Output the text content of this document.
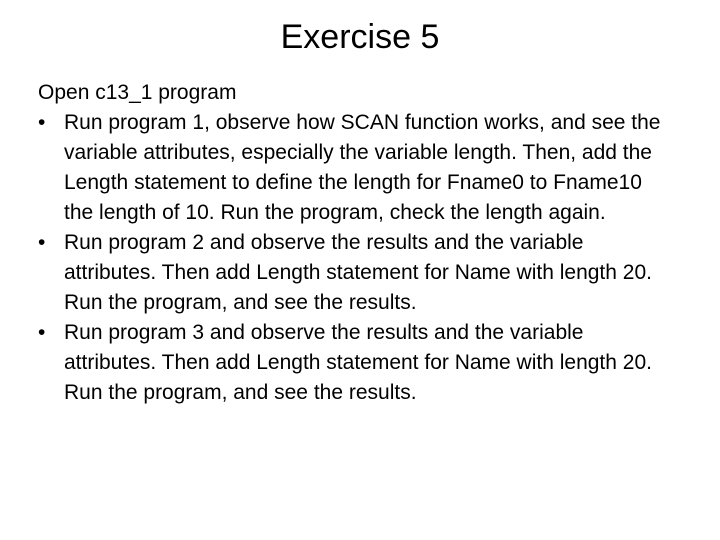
Exercise 5

Open c13_1 program

• Run program 1, observe how SCAN function works, and see the variable attributes, especially the variable length. Then, add the Length statement to define the length for Fname0 to Fname10 the length of 10. Run the program, check the length again.
• Run program 2 and observe the results and the variable attributes. Then add Length statement for Name with length 20. Run the program, and see the results.
• Run program 3 and observe the results and the variable attributes. Then add Length statement for Name with length 20. Run the program, and see the results.
